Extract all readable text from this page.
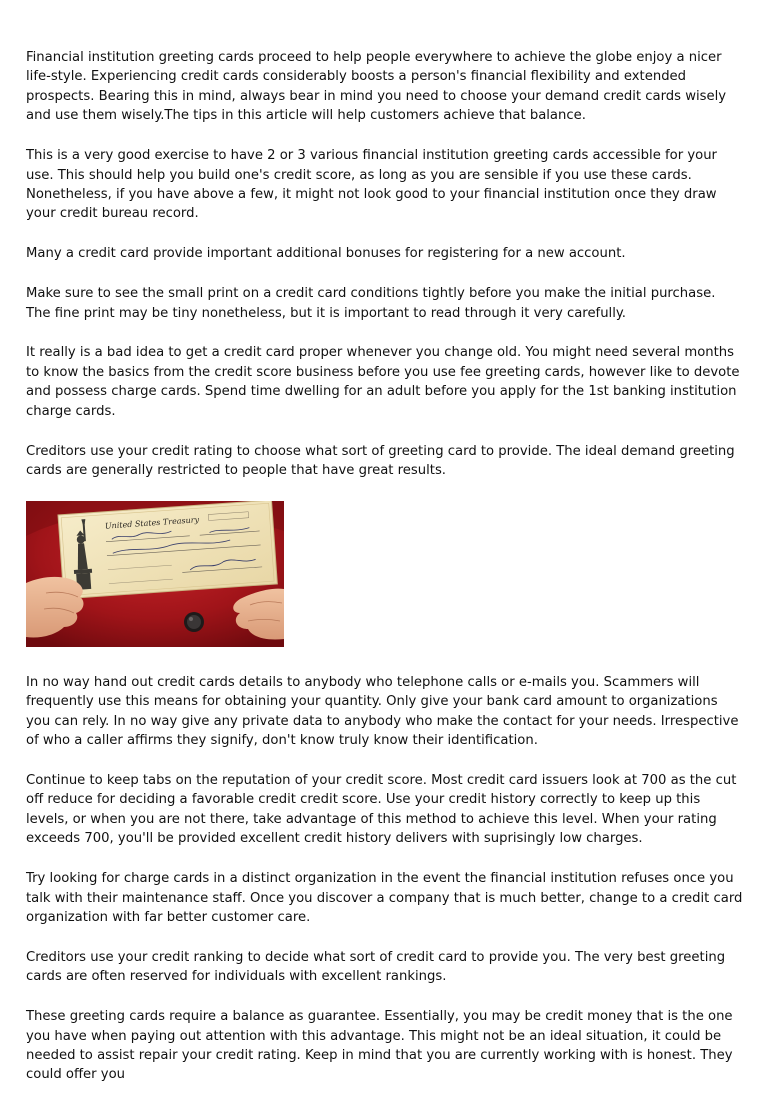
Financial institution greeting cards proceed to help people everywhere to achieve the globe enjoy a nicer life-style. Experiencing credit cards considerably boosts a person's financial flexibility and extended prospects. Bearing this in mind, always bear in mind you need to choose your demand credit cards wisely and use them wisely.The tips in this article will help customers achieve that balance.

This is a very good exercise to have 2 or 3 various financial institution greeting cards accessible for your use. This should help you build one's credit score, as long as you are sensible if you use these cards. Nonetheless, if you have above a few, it might not look good to your financial institution once they draw your credit bureau record.

Many a credit card provide important additional bonuses for registering for a new account.

Make sure to see the small print on a credit card conditions tightly before you make the initial purchase. The fine print may be tiny nonetheless, but it is important to read through it very carefully.

It really is a bad idea to get a credit card proper whenever you change old. You might need several months to know the basics from the credit score business before you use fee greeting cards, however like to devote and possess charge cards. Spend time dwelling for an adult before you apply for the 1st banking institution charge cards.

Creditors use your credit rating to choose what sort of greeting card to provide. The ideal demand greeting cards are generally restricted to people that have great results.

United States Treasury

In no way hand out credit cards details to anybody who telephone calls or e-mails you. Scammers will frequently use this means for obtaining your quantity. Only give your bank card amount to organizations you can rely. In no way give any private data to anybody who make the contact for your needs. Irrespective of who a caller affirms they signify, don't know truly know their identification.

Continue to keep tabs on the reputation of your credit score. Most credit card issuers look at 700 as the cut off reduce for deciding a favorable credit credit score. Use your credit history correctly to keep up this levels, or when you are not there, take advantage of this method to achieve this level. When your rating exceeds 700, you'll be provided excellent credit history delivers with suprisingly low charges.

Try looking for charge cards in a distinct organization in the event the financial institution refuses once you talk with their maintenance staff. Once you discover a company that is much better, change to a credit card organization with far better customer care.

Creditors use your credit ranking to decide what sort of credit card to provide you. The very best greeting cards are often reserved for individuals with excellent rankings.

These greeting cards require a balance as guarantee. Essentially, you may be credit money that is the one you have when paying out attention with this advantage. This might not be an ideal situation, it could be needed to assist repair your credit rating. Keep in mind that you are currently working with is honest. They could offer you
